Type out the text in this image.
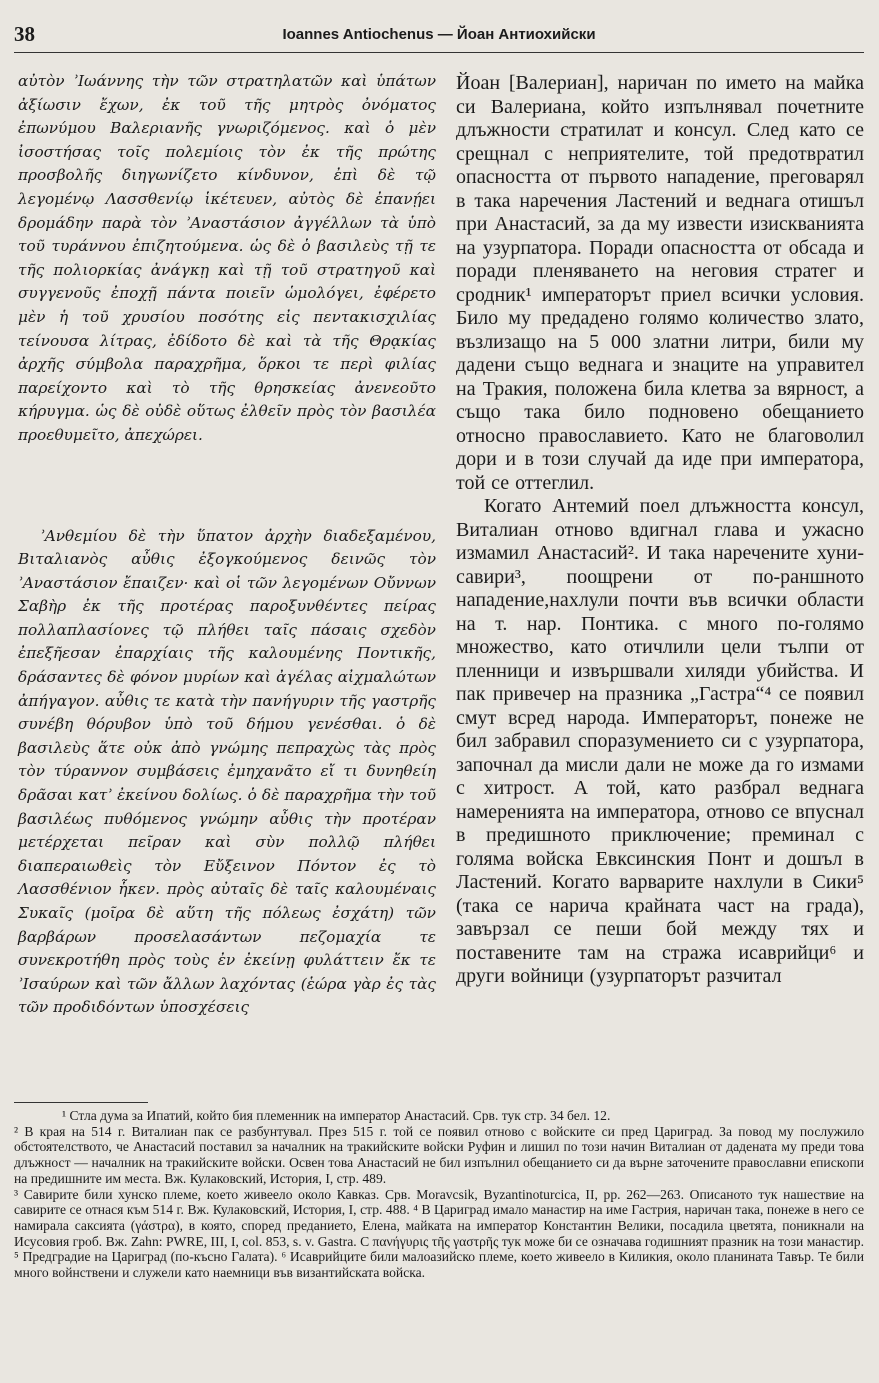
38	Ioannes Antiochenus — Йоан Антиохийски

αὐτὸν ʾΙωάννης τὴν τῶν στρατηλατῶν καὶ ὑπάτων ἀξίωσιν ἔχων, ἐκ τοῦ τῆς μητρὸς ὀνόματος ἐπωνύμου Βαλεριανῆς γνωριζόμενος. καὶ ὁ μὲν ἰσοστήσας τοῖς πολεμίοις τὸν ἐκ τῆς πρώτης προσβολῆς διηγωνίζετο κίνδυνον, ἐπὶ δὲ τῷ λεγομένῳ Λασσθενίῳ ἱκέτευεν, αὐτὸς δὲ ἐπανῄει δρομάδην παρὰ τὸν ʾΑναστάσιον ἀγγέλλων τὰ ὑπὸ τοῦ τυράννου ἐπιζητούμενα. ὡς δὲ ὁ βασιλεὺς τῇ τε τῆς πολιορκίας ἀνάγκῃ καὶ τῇ τοῦ στρατηγοῦ καὶ συγγενοῦς ἐποχῇ πάντα ποιεῖν ὡμολόγει, ἐφέρετο μὲν ἡ τοῦ χρυσίου ποσότης εἰς πεντακισχιλίας τείνουσα λίτρας, ἐδίδοτο δὲ καὶ τὰ τῆς Θρᾳκίας ἀρχῆς σύμβολα παραχρῆμα, ὅρκοι τε περὶ φιλίας παρείχοντο καὶ τὸ τῆς θρησκείας ἀνενεοῦτο κήρυγμα. ὡς δὲ οὐδὲ οὕτως ἐλθεῖν πρὸς τὸν βασιλέα προεθυμεῖτο, ἀπεχώρει.

ʾΑνθεμίου δὲ τὴν ὕπατον ἀρχὴν διαδεξαμένου, Βιταλιανὸς αὖθις ἐξογκούμενος δεινῶς τὸν ʾΑναστάσιον ἔπαιζεν· καὶ οἱ τῶν λεγομένων Οὔννων Σαβὴρ ἐκ τῆς προτέρας παροξυνθέντες πείρας πολλαπλασίονες τῷ πλήθει ταῖς πάσαις σχεδὸν ἐπεξῆεσαν ἐπαρχίαις τῆς καλουμένης Ποντικῆς, δράσαντες δὲ φόνον μυρίων καὶ ἀγέλας αἰχμαλώτων ἀπήγαγον. αὖθις τε κατὰ τὴν πανήγυριν τῆς γαστρῆς συνέβη θόρυβον ὑπὸ τοῦ δήμου γενέσθαι. ὁ δὲ βασιλεὺς ἅτε οὐκ ἀπὸ γνώμης πεπραχὼς τὰς πρὸς τὸν τύραννον συμβάσεις ἐμηχανᾶτο εἴ τι δυνηθείη δρᾶσαι κατʾ ἐκείνου δολίως. ὁ δὲ παραχρῆμα τὴν τοῦ βασιλέως πυθόμενος γνώμην αὖθις τὴν προτέραν μετέρχεται πεῖραν καὶ σὺν πολλῷ πλήθει διαπεραιωθεὶς τὸν Εὔξεινον Πόντον ἐς τὸ Λασσθένιον ἧκεν. πρὸς αὐταῖς δὲ ταῖς καλουμέναις Συκαῖς (μοῖρα δὲ αὕτη τῆς πόλεως ἐσχάτη) τῶν βαρβάρων προσελασάντων πεζομαχία τε συνεκροτήθη πρὸς τοὺς ἐν ἐκείνῃ φυλάττειν ἔκ τε ʾΙσαύρων καὶ τῶν ἄλλων λαχόντας (ἑώρα γὰρ ἐς τὰς τῶν προδιδόντων ὑποσχέσεις

Йоан [Валериан], наричан по името на майка си Валериана, който изпълнявал почетните длъжности стратилат и консул. След като се срещнал с неприятелите, той предотвратил опасността от първото нападение, преговарял в така наречения Ластений и веднага отишъл при Анастасий, за да му извести изискванията на узурпатора. Поради опасността от обсада и поради пленяването на неговия стратег и сродник¹ императорът приел всички условия. Било му предадено голямо количество злато, възлизащо на 5 000 златни литри, били му дадени също веднага и знаците на управител на Тракия, положена била клетва за вярност, а също така било подновено обещанието относно православието. Като не благоволил дори и в този случай да иде при императора, той се оттеглил.

Когато Антемий поел длъжността консул, Виталиан отново вдигнал глава и ужасно измамил Анастасий². И така наречените хуни-савири³, поощрени от по-раншното нападение,нахлули почти във всички области на т. нар. Понтика. с много по-голямо множество, като отичлили цели тълпи от пленници и извършвали хиляди убийства. И пак привечер на празника „Гастра“⁴ се появил смут всред народа. Императорът, понеже не бил забравил споразумението си с узурпатора, започнал да мисли дали не може да го измами с хитрост. А той, като разбрал веднага намеренията на императора, отново се впуснал в предишното приключение; преминал с голяма войска Евксинския Понт и дошъл в Ластений. Когато варварите нахлули в Сики⁵ (така се нарича крайната част на града), завързал се пеши бой между тях и поставените там на стража исаврийци⁶ и други войници (узурпаторът разчитал

¹ Стла дума за Ипатий, който бия племенник на император Анастасий. Срв. тук стр. 34 бел. 12.

² В края на 514 г. Виталиан пак се разбунтувал. През 515 г. той се появил отново с войските си пред Цариград. За повод му послужило обстоятелството, че Анастасий поставил за началник на тракийските войски Руфин и лишил по този начин Виталиан от дадената му преди това длъжност — началник на тракийските войски. Освен това Анастасий не бил изпълнил обещанието си да върне заточените православни епископи на предишните им места. Вж. Кулаковский, История, I, стр. 489.

³ Савирите били хунско племе, което живеело около Кавказ. Срв. Moravcsik, Byzantinoturcica, II, pp. 262—263. Описаното тук нашествие на савирите се отнася към 514 г. Вж. Кулаковский, История, I, стр. 488. ⁴ В Цариград имало манастир на име Гастрия, наричан така, понеже в него се намирала саксията (γάστρα), в която, според преданието, Елена, майката на император Константин Велики, посадила цветята, поникнали на Исусовия гроб. Вж. Zahn: PWRE, III, I, col. 853, s. v. Gastra. С πανήγυρις τῆς γαστρῆς тук може би се означава годишният празник на този манастир. ⁵ Предградие на Цариград (по-късно Галата). ⁶ Исаврийците били малоазийско племе, което живеело в Киликия, около планината Тавър. Те били много войнствени и служели като наемници във византийската войска.
